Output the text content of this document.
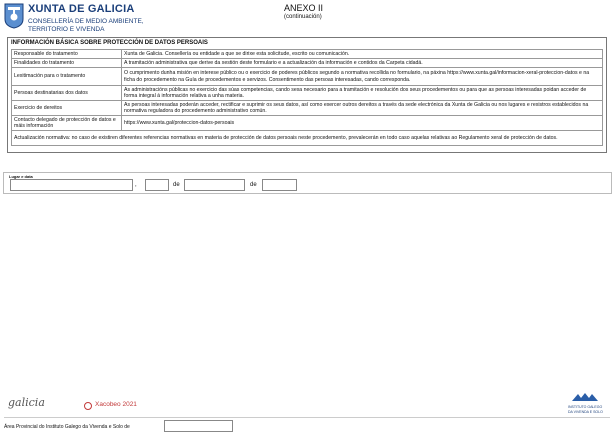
XUNTA DE GALICIA
CONSELLERÍA DE MEDIO AMBIENTE,
TERRITORIO E VIVENDA
ANEXO II
(continuación)
INFORMACIÓN BÁSICA SOBRE PROTECCIÓN DE DATOS PERSOAIS
Responsable do tratamento	Xunta de Galicia. Consellería ou entidade a que se dirixe esta solicitude, escrito ou comunicación.
Finalidades do tratamento	A tramitación administrativa que derive da xestión deste formulario e a actualización da información e contidos da Carpeta cidadá.
Lexitimación para o tratamento	O cumprimento dunha misión en interese público ou o exercicio de poderes públicos segundo a normativa recollida no formulario, na páxina https://www.xunta.gal/informacion-xeral-proteccion-datos e na ficha do procedemento na Guía de procedementos e servizos. Consentimento das persoas interesadas, cando corresponda.
Persoas destinatarias dos datos	As administracións públicas no exercicio das súas competencias, cando sexa necesario para a tramitación e resolución dos seus procedementos ou para que as persoas interesadas poidan acceder de forma integral á información relativa a unha materia.
Exercicio de dereitos	As persoas interesadas poderán acceder, rectificar e suprimir os seus datos, así como exercer outros dereitos a través da sede electrónica da Xunta de Galicia ou nos lugares e rexistros establecidos na normativa reguladora do procedemento administrativo común.
Contacto delegado de protección de datos e máis información	https://www.xunta.gal/proteccion-datos-persoais
Actualización normativa: no caso de existiren diferentes referencias normativas en materia de protección de datos persoais neste procedemento, prevalecerán en todo caso aquelas relativas ao Regulamento xeral de protección de datos.	
Lugar e data
,	de	de
galicia	Xacobeo 2021	INSTITUTO GALEGO
DA VIVENDA E SOLO
Área Provincial do Instituto Galego da Vivenda e Solo de
